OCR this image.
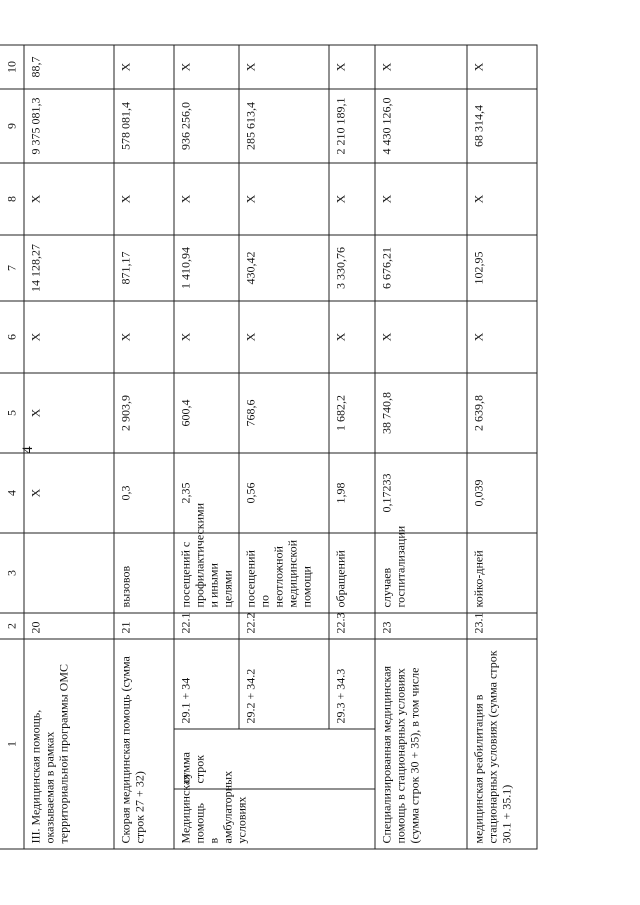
4
1			2	3	4	5	6	7	8	9	10
III. Медицинская помощь, оказываемая в рамках территориальной программы ОМС			20		X	X	X	14 128,27	X	9 375 081,3	88,7
Скорая медицинская помощь (сумма строк 27 + 32)			21	вызовов	0,3	2 903,9	X	871,17	X	578 081,4	X
Медицинская помощь в амбулаторных условиях	сумма строк	29.1 + 34	22.1	посещений с профилактическими и иными целями	2,35	600,4	X	1 410,94	X	936 256,0	X
		29.2 + 34.2	22.2	посещений по неотложной медицинской помощи	0,56	768,6	X	430,42	X	285 613,4	X
		29.3 + 34.3	22.3	обращений	1,98	1 682,2	X	3 330,76	X	2 210 189,1	X
Специализированная медицинская помощь в стационарных условиях (сумма строк 30 + 35), в том числе			23	случаев госпитализации	0,17233	38 740,8	X	6 676,21	X	4 430 126,0	X
медицинская реабилитация в стационарных условиях (сумма строк 30.1 + 35.1)			23.1	койко-дней	0,039	2 639,8	X	102,95	X	68 314,4	X
